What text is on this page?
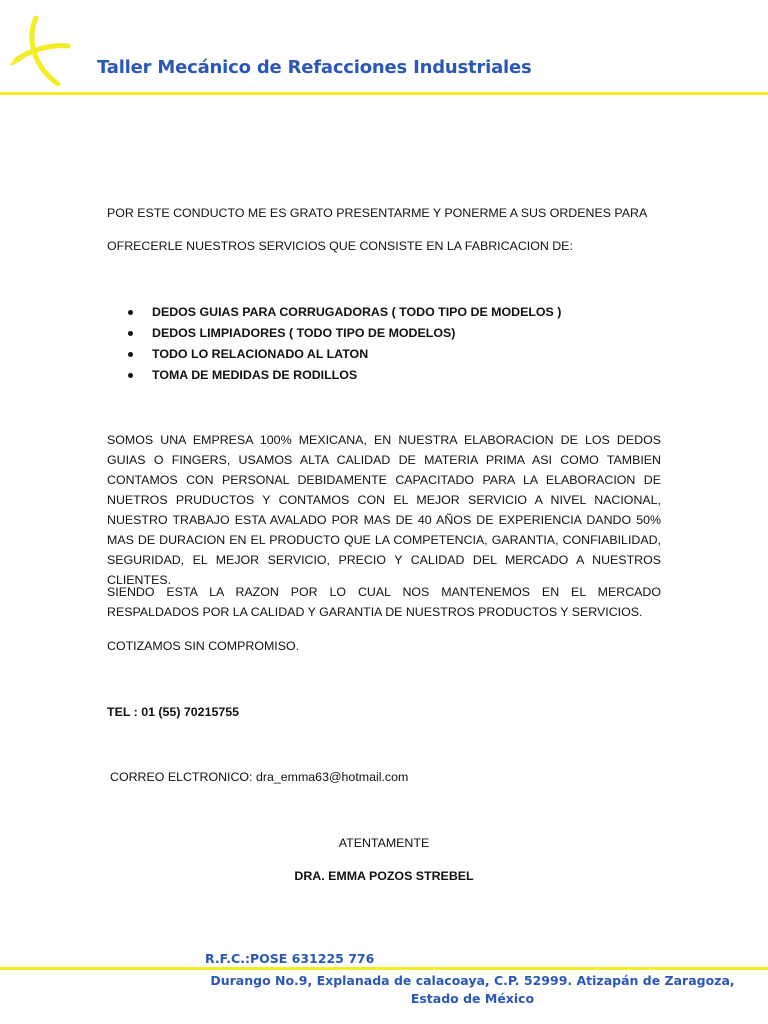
Taller Mecánico de Refacciones Industriales
POR ESTE CONDUCTO ME ES GRATO PRESENTARME Y PONERME A SUS ORDENES PARA
OFRECERLE NUESTROS SERVICIOS QUE CONSISTE EN LA FABRICACION DE:
DEDOS GUIAS PARA CORRUGADORAS ( TODO TIPO DE MODELOS )
DEDOS LIMPIADORES ( TODO TIPO DE MODELOS)
TODO LO RELACIONADO AL LATON
TOMA DE MEDIDAS DE RODILLOS
SOMOS UNA EMPRESA 100% MEXICANA, EN NUESTRA ELABORACION DE LOS DEDOS GUIAS O FINGERS, USAMOS ALTA CALIDAD DE MATERIA PRIMA ASI COMO TAMBIEN CONTAMOS CON PERSONAL DEBIDAMENTE CAPACITADO PARA LA ELABORACION DE NUETROS PRUDUCTOS Y CONTAMOS CON EL MEJOR SERVICIO A NIVEL NACIONAL, NUESTRO TRABAJO ESTA AVALADO POR MAS DE 40 AÑOS DE EXPERIENCIA DANDO 50% MAS DE DURACION EN EL PRODUCTO QUE LA COMPETENCIA, GARANTIA, CONFIABILIDAD, SEGURIDAD, EL MEJOR SERVICIO, PRECIO Y CALIDAD DEL MERCADO A NUESTROS CLIENTES.
SIENDO ESTA LA RAZON POR LO CUAL NOS MANTENEMOS EN EL MERCADO RESPALDADOS POR LA CALIDAD Y GARANTIA DE NUESTROS PRODUCTOS Y SERVICIOS.
COTIZAMOS SIN COMPROMISO.
TEL : 01 (55) 70215755
CORREO ELCTRONICO: dra_emma63@hotmail.com
ATENTAMENTE
DRA. EMMA POZOS STREBEL
R.F.C.:POSE 631225 776
Durango No.9, Explanada de calacoaya, C.P. 52999. Atizapán de Zaragoza, Estado de México
